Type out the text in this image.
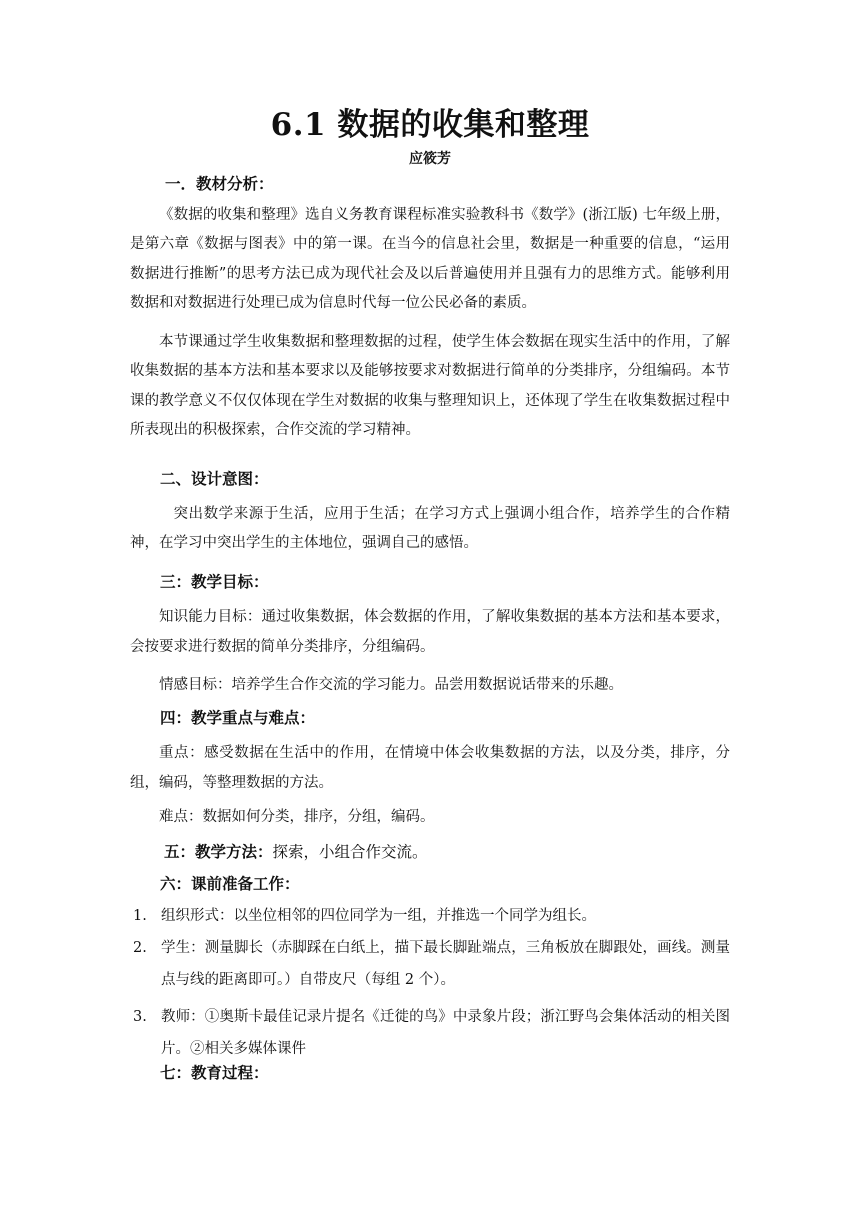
6.1 数据的收集和整理
应筱芳
一．教材分析：

《数据的收集和整理》选自义务教育课程标准实验教科书《数学》(浙江版) 七年级上册，是第六章《数据与图表》中的第一课。在当今的信息社会里，数据是一种重要的信息，“运用数据进行推断”的思考方法已成为现代社会及以后普遍使用并且强有力的思维方式。能够利用数据和对数据进行处理已成为信息时代每一位公民必备的素质。

本节课通过学生收集数据和整理数据的过程，使学生体会数据在现实生活中的作用，了解收集数据的基本方法和基本要求以及能够按要求对数据进行简单的分类排序，分组编码。本节课的教学意义不仅仅体现在学生对数据的收集与整理知识上，还体现了学生在收集数据过程中所表现出的积极探索，合作交流的学习精神。

二、设计意图：

突出数学来源于生活，应用于生活；在学习方式上强调小组合作，培养学生的合作精神，在学习中突出学生的主体地位，强调自己的感悟。

三：教学目标：

知识能力目标：通过收集数据，体会数据的作用，了解收集数据的基本方法和基本要求，会按要求进行数据的简单分类排序，分组编码。

情感目标：培养学生合作交流的学习能力。品尝用数据说话带来的乐趣。

四：教学重点与难点：

重点：感受数据在生活中的作用，在情境中体会收集数据的方法，以及分类，排序，分组，编码，等整理数据的方法。

难点：数据如何分类，排序，分组，编码。

五：教学方法：探索，小组合作交流。
六：课前准备工作：
1. 组织形式：以坐位相邻的四位同学为一组，并推选一个同学为组长。
2. 学生：测量脚长（赤脚踩在白纸上，描下最长脚趾端点，三角板放在脚跟处，画线。测量点与线的距离即可。）自带皮尺（每组 2 个）。
3. 教师：①奥斯卡最佳记录片提名《迁徙的鸟》中录象片段；浙江野鸟会集体活动的相关图片。②相关多媒体课件
七：教育过程：
